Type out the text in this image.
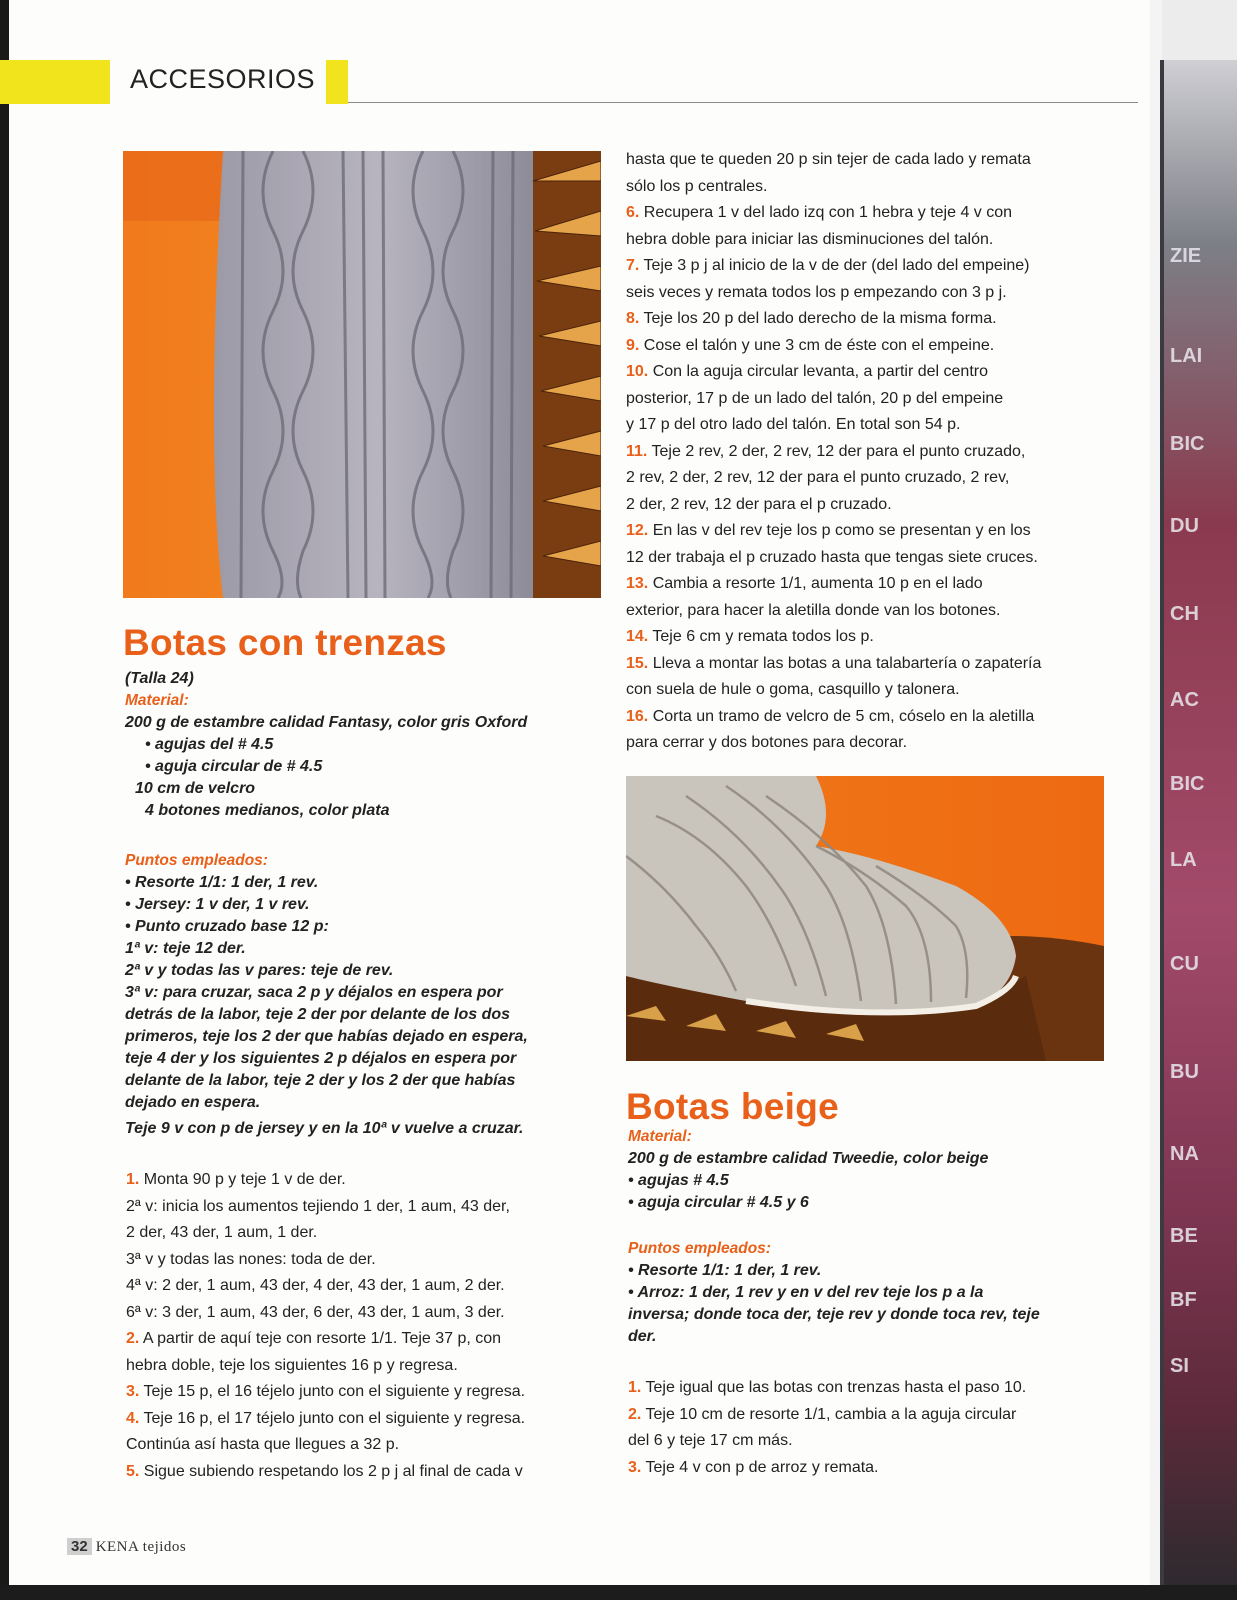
ACCESORIOS
Botas con trenzas
(Talla 24)
Material:
200 g de estambre calidad Fantasy, color gris Oxford
• agujas del # 4.5
• aguja circular de # 4.5
10 cm de velcro
4 botones medianos, color plata
Puntos empleados:
• Resorte 1/1: 1 der, 1 rev.
• Jersey: 1 v der, 1 v rev.
• Punto cruzado base 12 p:
1ª v: teje 12 der.
2ª v y todas las v pares: teje de rev.
3ª v: para cruzar, saca 2 p y déjalos en espera por
detrás de la labor, teje 2 der por delante de los dos
primeros, teje los 2 der que habías dejado en espera,
teje 4 der y los siguientes 2 p déjalos en espera por
delante de la labor, teje 2 der y los 2 der que habías
dejado en espera.
Teje 9 v con p de jersey y en la 10ª v vuelve a cruzar.
1. Monta 90 p y teje 1 v de der.
2ª v: inicia los aumentos tejiendo 1 der, 1 aum, 43 der,
2 der, 43 der, 1 aum, 1 der.
3ª v y todas las nones: toda de der.
4ª v: 2 der, 1 aum, 43 der, 4 der, 43 der, 1 aum, 2 der.
6ª v: 3 der, 1 aum, 43 der, 6 der, 43 der, 1 aum, 3 der.
2. A partir de aquí teje con resorte 1/1. Teje 37 p, con
hebra doble, teje los siguientes 16 p y regresa.
3. Teje 15 p, el 16 téjelo junto con el siguiente y regresa.
4. Teje 16 p, el 17 téjelo junto con el siguiente y regresa.
Continúa así hasta que llegues a 32 p.
5. Sigue subiendo respetando los 2 p j al final de cada v
hasta que te queden 20 p sin tejer de cada lado y remata
sólo los p centrales.
6. Recupera 1 v del lado izq con 1 hebra y teje 4 v con
hebra doble para iniciar las disminuciones del talón.
7. Teje 3 p j al inicio de la v de der (del lado del empeine)
seis veces y remata todos los p empezando con 3 p j.
8. Teje los 20 p del lado derecho de la misma forma.
9. Cose el talón y une 3 cm de éste con el empeine.
10. Con la aguja circular levanta, a partir del centro
posterior, 17 p de un lado del talón, 20 p del empeine
y 17 p del otro lado del talón. En total son 54 p.
11. Teje 2 rev, 2 der, 2 rev, 12 der para el punto cruzado,
2 rev, 2 der, 2 rev, 12 der para el punto cruzado, 2 rev,
2 der, 2 rev, 12 der para el p cruzado.
12. En las v del rev teje los p como se presentan y en los
12 der trabaja el p cruzado hasta que tengas siete cruces.
13. Cambia a resorte 1/1, aumenta 10 p en el lado
exterior, para hacer la aletilla donde van los botones.
14. Teje 6 cm y remata todos los p.
15. Lleva a montar las botas a una talabartería o zapatería
con suela de hule o goma, casquillo y talonera.
16. Corta un tramo de velcro de 5 cm, cóselo en la aletilla
para cerrar y dos botones para decorar.
Botas beige
Material:
200 g de estambre calidad Tweedie, color beige
• agujas # 4.5
• aguja circular # 4.5 y 6
Puntos empleados:
• Resorte 1/1: 1 der, 1 rev.
• Arroz: 1 der, 1 rev y en v del rev teje los p a la
inversa; donde toca der, teje rev y donde toca rev, teje
der.
1. Teje igual que las botas con trenzas hasta el paso 10.
2. Teje 10 cm de resorte 1/1, cambia a la aguja circular
del 6 y teje 17 cm más.
3. Teje 4 v con p de arroz y remata.
ZIE
LAI
BIC
DU
CH
AC
BIC
LA
CU
BU
NA
BE
BF
SI
32 KENA tejidos
